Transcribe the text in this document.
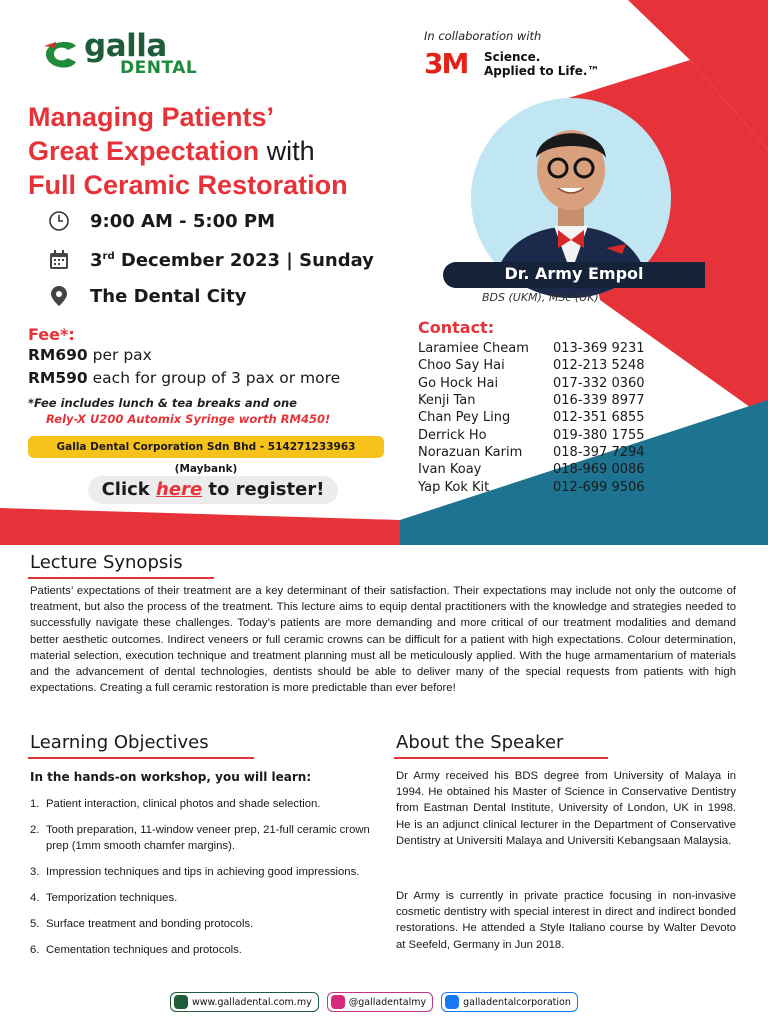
galla
DENTAL
In collaboration with
3M Science.
Applied to Life.™
Managing Patients’
Great Expectation with
Full Ceramic Restoration
9:00 AM - 5:00 PM
3rd December 2023 | Sunday
The Dental City
Dr. Army Empol
BDS (UKM), MSc (UK)
Fee*:
RM690 per pax
RM590 each for group of 3 pax or more
*Fee includes lunch & tea breaks and one
Rely-X U200 Automix Syringe worth RM450!
Galla Dental Corporation Sdn Bhd - 514271233963 (Maybank)
Click here to register!
Contact:
Laramiee Cheam	013-369 9231
Choo Say Hai	012-213 5248
Go Hock Hai	017-332 0360
Kenji Tan	016-339 8977
Chan Pey Ling	012-351 6855
Derrick Ho	019-380 1755
Norazuan Karim	018-397 7294
Ivan Koay	018-969 0086
Yap Kok Kit	012-699 9506
Lecture Synopsis
Patients’ expectations of their treatment are a key determinant of their satisfaction. Their expectations may include not only the outcome of treatment, but also the process of the treatment. This lecture aims to equip dental practitioners with the knowledge and strategies needed to successfully navigate these challenges. Today’s patients are more demanding and more critical of our treatment modalities and demand better aesthetic outcomes. Indirect veneers or full ceramic crowns can be difficult for a patient with high expectations. Colour determination, material selection, execution technique and treatment planning must all be meticulously applied. With the huge armamentarium of materials and the advancement of dental technologies, dentists should be able to deliver many of the special requests from patients with high expectations. Creating a full ceramic restoration is more predictable than ever before!
Learning Objectives
In the hands-on workshop, you will learn:
1. Patient interaction, clinical photos and shade selection.
2. Tooth preparation, 11-window veneer prep, 21-full ceramic crown prep (1mm smooth chamfer margins).
3. Impression techniques and tips in achieving good impressions.
4. Temporization techniques.
5. Surface treatment and bonding protocols.
6. Cementation techniques and protocols.
About the Speaker
Dr Army received his BDS degree from University of Malaya in 1994. He obtained his Master of Science in Conservative Dentistry from Eastman Dental Institute, University of London, UK in 1998. He is an adjunct clinical lecturer in the Department of Conservative Dentistry at Universiti Malaya and Universiti Kebangsaan Malaysia.
Dr Army is currently in private practice focusing in non-invasive cosmetic dentistry with special interest in direct and indirect bonded restorations. He attended a Style Italiano course by Walter Devoto at Seefeld, Germany in Jun 2018.
www.galladental.com.my	@galladentalmy	galladentalcorporation
